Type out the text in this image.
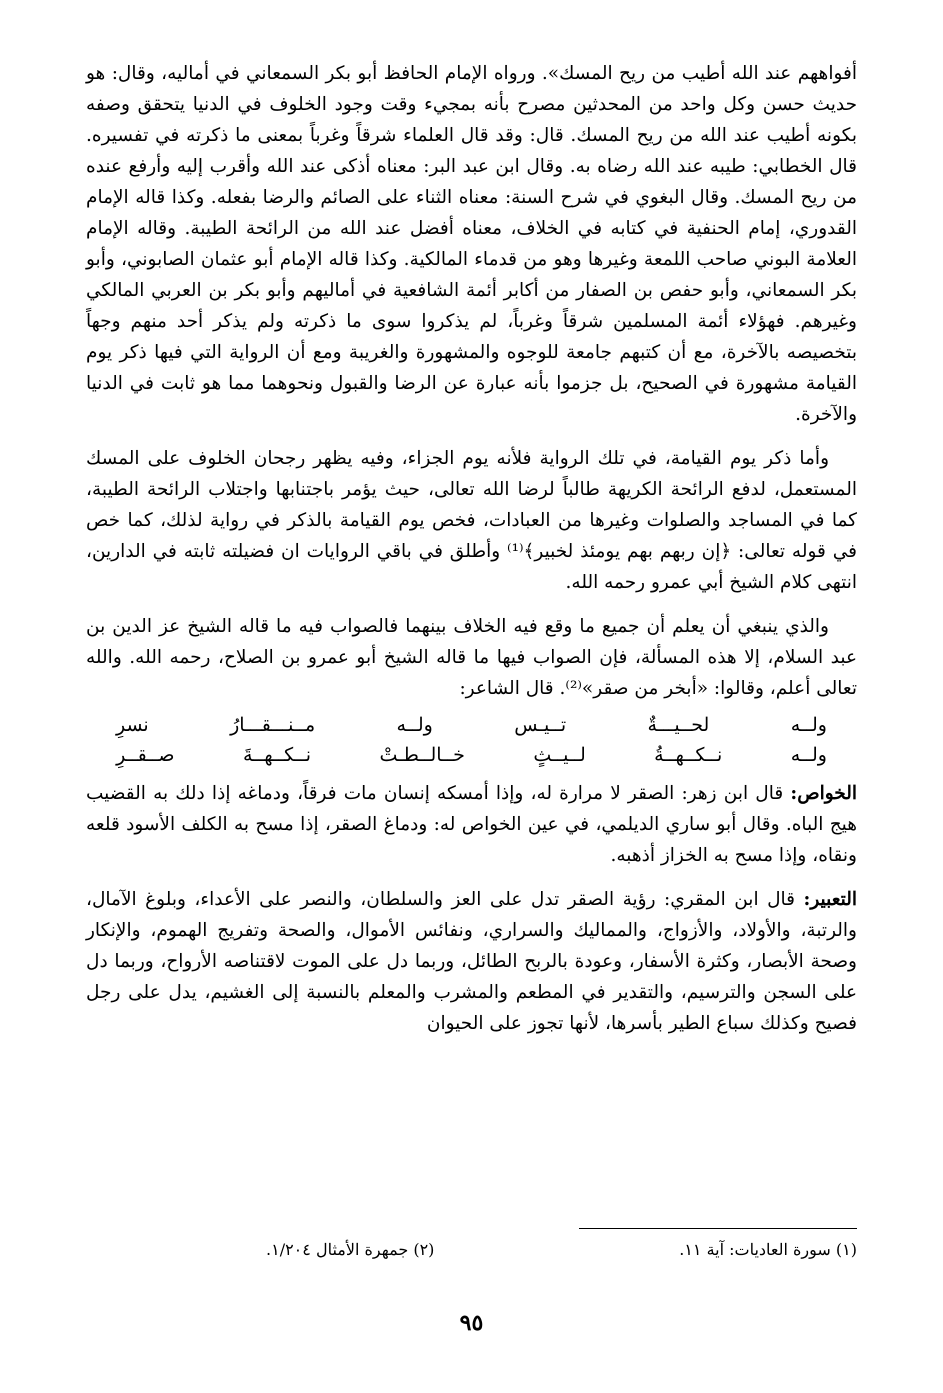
أفواههم عند الله أطيب من ريح المسك». ورواه الإمام الحافظ أبو بكر السمعاني في أماليه، وقال: هو حديث حسن وكل واحد من المحدثين مصرح بأنه بمجيء وقت وجود الخلوف في الدنيا يتحقق وصفه بكونه أطيب عند الله من ريح المسك. قال: وقد قال العلماء شرقاً وغرباً بمعنى ما ذكرته في تفسيره. قال الخطابي: طيبه عند الله رضاه به. وقال ابن عبد البر: معناه أذكى عند الله وأقرب إليه وأرفع عنده من ريح المسك. وقال البغوي في شرح السنة: معناه الثناء على الصائم والرضا بفعله. وكذا قاله الإمام القدوري، إمام الحنفية في كتابه في الخلاف، معناه أفضل عند الله من الرائحة الطيبة. وقاله الإمام العلامة البوني صاحب اللمعة وغيرها وهو من قدماء المالكية. وكذا قاله الإمام أبو عثمان الصابوني، وأبو بكر السمعاني، وأبو حفص بن الصفار من أكابر أئمة الشافعية في أماليهم وأبو بكر بن العربي المالكي وغيرهم. فهؤلاء أئمة المسلمين شرقاً وغرباً، لم يذكروا سوى ما ذكرته ولم يذكر أحد منهم وجهاً بتخصيصه بالآخرة، مع أن كتبهم جامعة للوجوه والمشهورة والغريبة ومع أن الرواية التي فيها ذكر يوم القيامة مشهورة في الصحيح، بل جزموا بأنه عبارة عن الرضا والقبول ونحوهما مما هو ثابت في الدنيا والآخرة.

وأما ذكر يوم القيامة، في تلك الرواية فلأنه يوم الجزاء، وفيه يظهر رجحان الخلوف على المسك المستعمل، لدفع الرائحة الكريهة طالباً لرضا الله تعالى، حيث يؤمر باجتنابها واجتلاب الرائحة الطيبة، كما في المساجد والصلوات وغيرها من العبادات، فخص يوم القيامة بالذكر في رواية لذلك، كما خص في قوله تعالى: ﴿إن ربهم بهم يومئذ لخبير﴾⁽¹⁾ وأطلق في باقي الروايات ان فضيلته ثابته في الدارين، انتهى كلام الشيخ أبي عمرو رحمه الله.

والذي ينبغي أن يعلم أن جميع ما وقع فيه الخلاف بينهما فالصواب فيه ما قاله الشيخ عز الدين بن عبد السلام، إلا هذه المسألة، فإن الصواب فيها ما قاله الشيخ أبو عمرو بن الصلاح، رحمه الله. والله تعالى أعلم، وقالوا: «أبخر من صقر»⁽²⁾. قال الشاعر:

ولــه
لحــيـــةٌ
تــيـس
ولــه
مــنـــقـــارُ
نسرِ
ولــه
نــكــهــةُ
لــيــثٍ
خــالــطـتْ
نــكــهــةَ
صــقــرِ

الخواص: قال ابن زهر: الصقر لا مرارة له، وإذا أمسكه إنسان مات فرقاً، ودماغه إذا دلك به القضيب هيج الباه. وقال أبو ساري الديلمي، في عين الخواص له: ودماغ الصقر، إذا مسح به الكلف الأسود قلعه ونقاه، وإذا مسح به الخزاز أذهبه.

التعبير: قال ابن المقري: رؤية الصقر تدل على العز والسلطان، والنصر على الأعداء، وبلوغ الآمال، والرتبة، والأولاد، والأزواج، والمماليك والسراري، ونفائس الأموال، والصحة وتفريج الهموم، والإنكار وصحة الأبصار، وكثرة الأسفار، وعودة بالربح الطائل، وربما دل على الموت لاقتناصه الأرواح، وربما دل على السجن والترسيم، والتقدير في المطعم والمشرب والمعلم بالنسبة إلى الغشيم، يدل على رجل فصيح وكذلك سباع الطير بأسرها، لأنها تجوز على الحيوان

(١) سورة العاديات: آية ١١.
(٢) جمهرة الأمثال ١/٢٠٤.
٩٥
